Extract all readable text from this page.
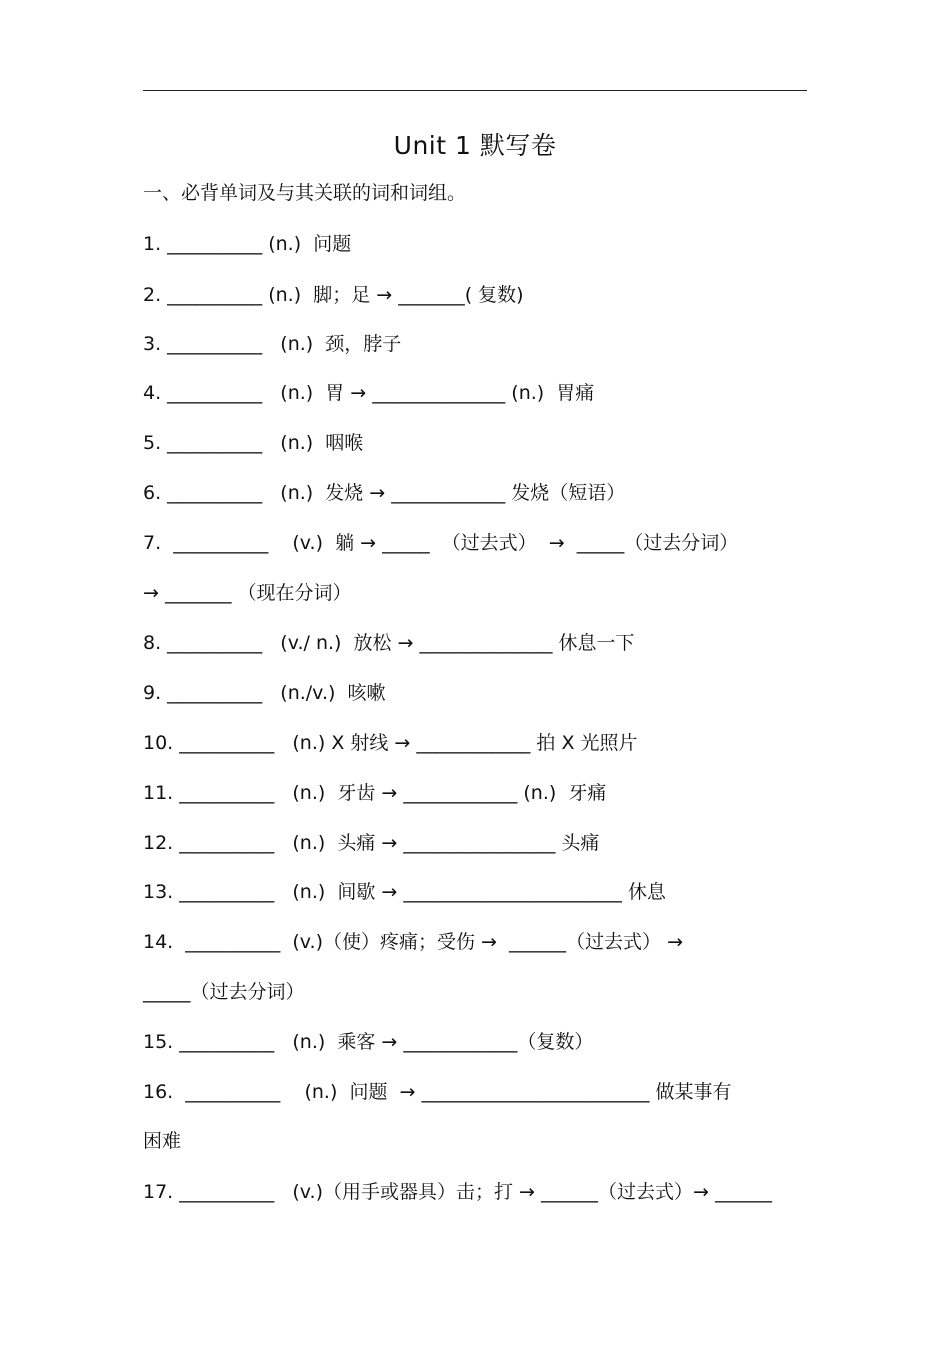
Unit 1 默写卷
一、必背单词及与其关联的词和词组。
1. __________ (n.)  问题
2. __________ (n.)  脚；足 → _______( 复数)
3. __________   (n.)  颈，脖子
4. __________   (n.)  胃 → ______________ (n.)  胃痛
5. __________   (n.)  咽喉
6. __________   (n.)  发烧 → ____________ 发烧（短语）
7.  __________    (v.)  躺 → _____  （过去式）  →  _____（过去分词）
→ _______ （现在分词）
8. __________   (v./ n.)  放松 → ______________ 休息一下
9. __________   (n./v.)  咳嗽
10. __________   (n.) X 射线 → ____________ 拍 X 光照片
11. __________   (n.)  牙齿 → ____________ (n.)  牙痛
12. __________   (n.)  头痛 → ________________ 头痛
13. __________   (n.)  间歇 → _______________________ 休息
14.  __________  (v.)（使）疼痛；受伤 →  ______（过去式） →
_____（过去分词）
15. __________   (n.)  乘客 → ____________（复数）
16.  __________    (n.)  问题  → ________________________ 做某事有
困难
17. __________   (v.)（用手或器具）击；打 → ______（过去式）→ ______
